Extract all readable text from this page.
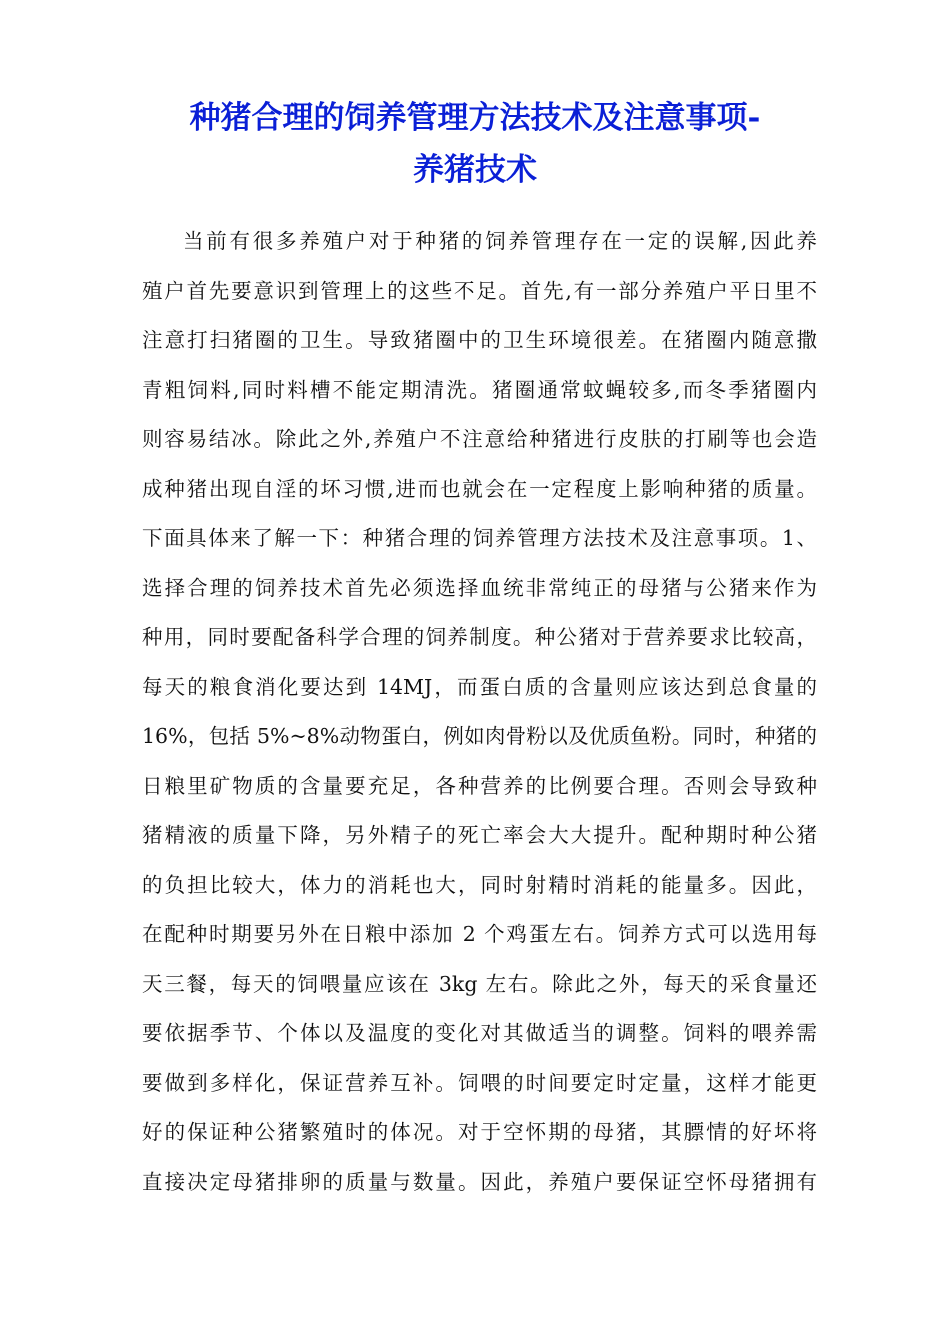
种猪合理的饲养管理方法技术及注意事项-
养猪技术
当前有很多养殖户对于种猪的饲养管理存在一定的误解,因此养
殖户首先要意识到管理上的这些不足。首先,有一部分养殖户平日里不
注意打扫猪圈的卫生。导致猪圈中的卫生环境很差。在猪圈内随意撒
青粗饲料,同时料槽不能定期清洗。猪圈通常蚊蝇较多,而冬季猪圈内
则容易结冰。除此之外,养殖户不注意给种猪进行皮肤的打刷等也会造
成种猪出现自淫的坏习惯,进而也就会在一定程度上影响种猪的质量。
下面具体来了解一下：种猪合理的饲养管理方法技术及注意事项。1、
选择合理的饲养技术首先必须选择血统非常纯正的母猪与公猪来作为
种用，同时要配备科学合理的饲养制度。种公猪对于营养要求比较高，
每天的粮食消化要达到 14MJ，而蛋白质的含量则应该达到总食量的
16%，包括 5%~8%动物蛋白，例如肉骨粉以及优质鱼粉。同时，种猪的
日粮里矿物质的含量要充足，各种营养的比例要合理。否则会导致种
猪精液的质量下降，另外精子的死亡率会大大提升。配种期时种公猪
的负担比较大，体力的消耗也大，同时射精时消耗的能量多。因此，
在配种时期要另外在日粮中添加 2 个鸡蛋左右。饲养方式可以选用每
天三餐，每天的饲喂量应该在 3kg 左右。除此之外，每天的采食量还
要依据季节、个体以及温度的变化对其做适当的调整。饲料的喂养需
要做到多样化，保证营养互补。饲喂的时间要定时定量，这样才能更
好的保证种公猪繁殖时的体况。对于空怀期的母猪，其膘情的好坏将
直接决定母猪排卵的质量与数量。因此，养殖户要保证空怀母猪拥有
